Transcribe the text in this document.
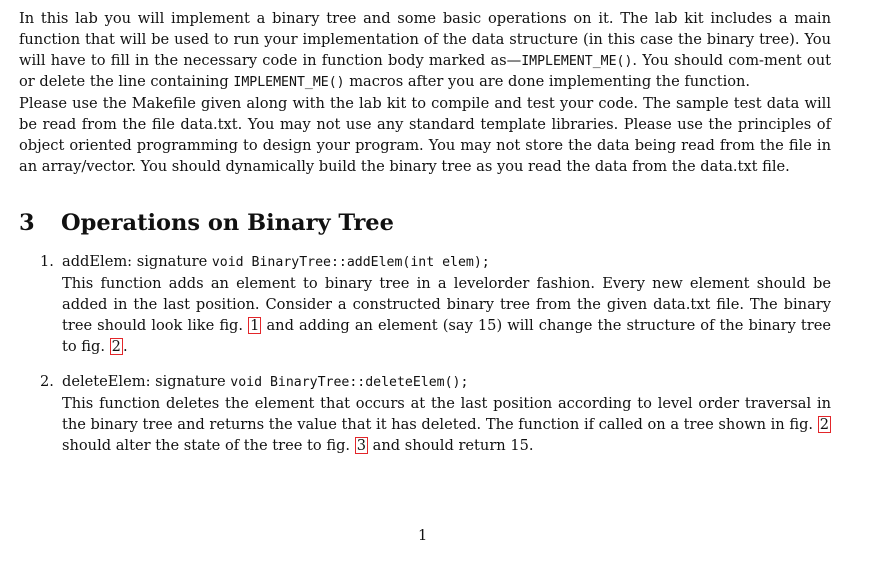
In this lab you will implement a binary tree and some basic operations on it. The lab kit includes a main function that will be used to run your implementation of the data structure (in this case the binary tree). You will have to fill in the necessary code in function body marked as—IMPLEMENT_ME(). You should com-ment out or delete the line containing IMPLEMENT_ME() macros after you are done implementing the function.

Please use the Makefile given along with the lab kit to compile and test your code. The sample test data will be read from the file data.txt. You may not use any standard template libraries. Please use the principles of object oriented programming to design your program. You may not store the data being read from the file in an array/vector. You should dynamically build the binary tree as you read the data from the data.txt file.

3	Operations on Binary Tree
1. addElem: signature void BinaryTree::addElem(int elem);
This function adds an element to binary tree in a levelorder fashion. Every new element should be added in the last position. Consider a constructed binary tree from the given data.txt file. The binary tree should look like fig. 1 and adding an element (say 15) will change the structure of the binary tree to fig. 2 .
2. deleteElem: signature void BinaryTree::deleteElem();
This function deletes the element that occurs at the last position according to level order traversal in the binary tree and returns the value that it has deleted. The function if called on a tree shown in fig. 2 should alter the state of the tree to fig. 3 and should return 15.
1
